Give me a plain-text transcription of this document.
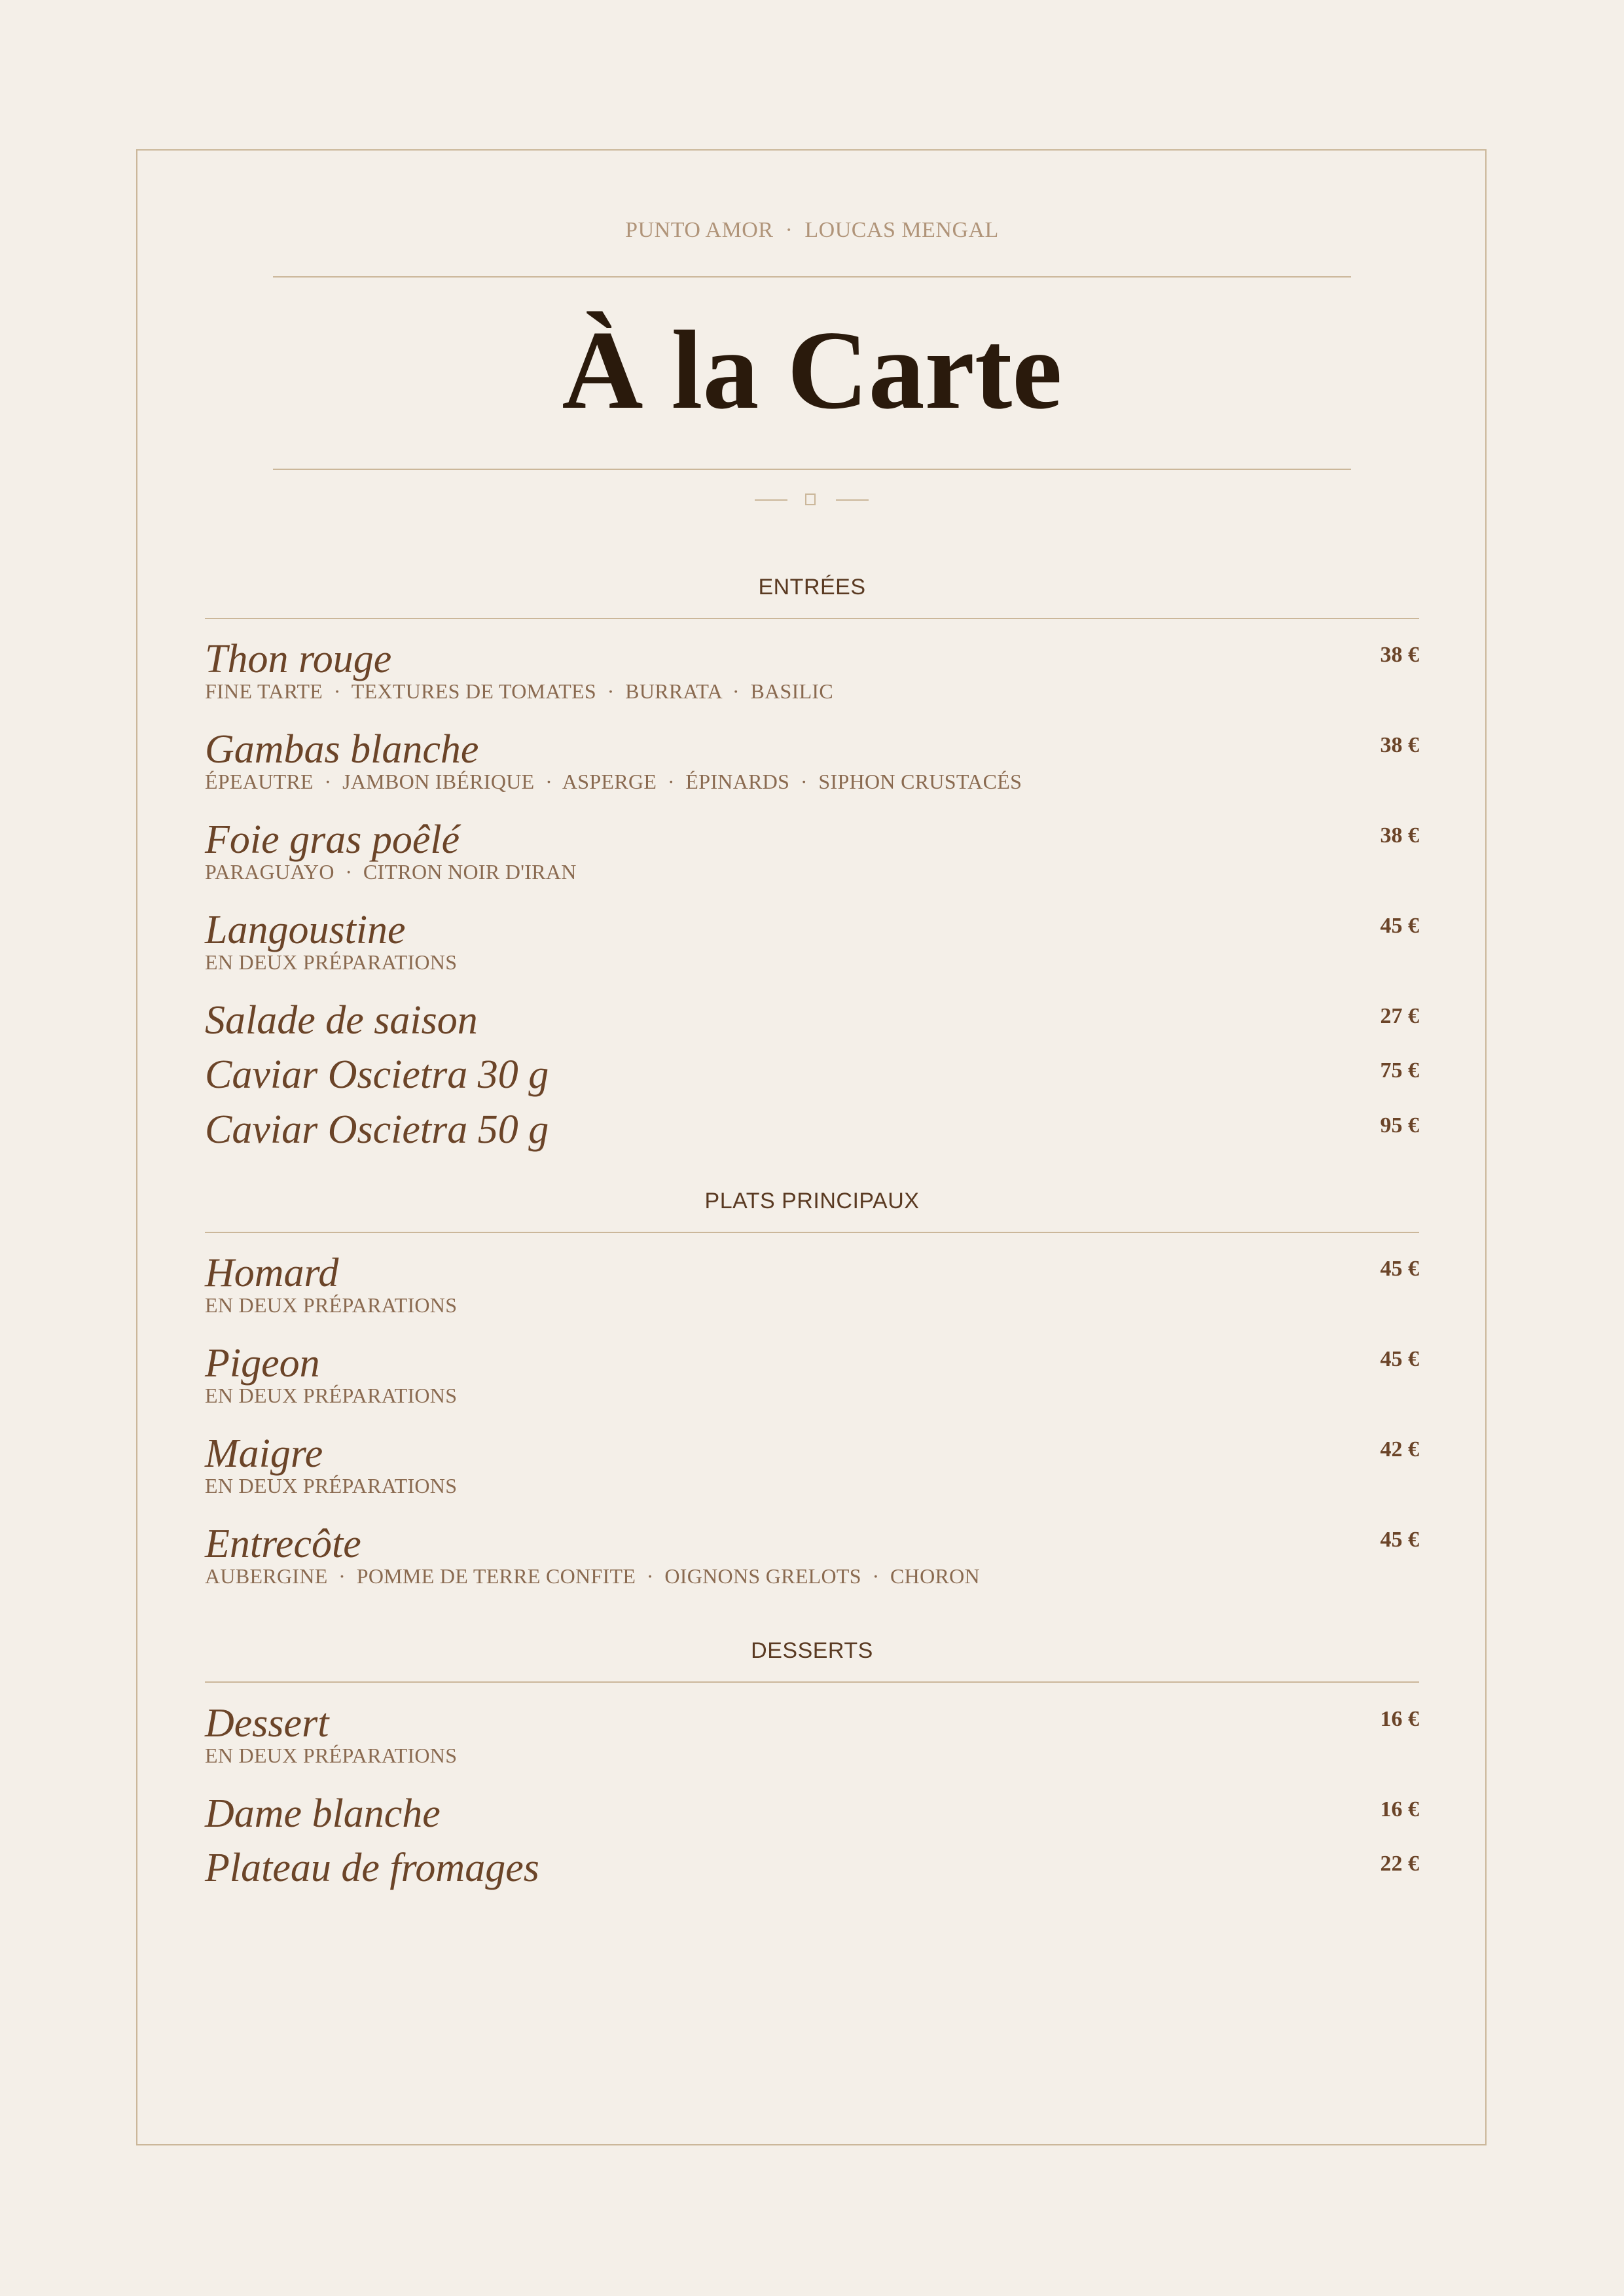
PUNTO AMOR · LOUCAS MENGAL
À la Carte
ENTRÉES
Thon rouge
FINE TARTE  ·  TEXTURES DE TOMATES  ·  BURRATA  ·  BASILIC
38 €
Gambas blanche
ÉPEAUTRE  ·  JAMBON IBÉRIQUE  ·  ASPERGE  ·  ÉPINARDS  ·  SIPHON CRUSTACÉS
38 €
Foie gras poêlé
PARAGUAYO  ·  CITRON NOIR D'IRAN
38 €
Langoustine
EN DEUX PRÉPARATIONS
45 €
Salade de saison	27 €
Caviar Oscietra 30 g	75 €
Caviar Oscietra 50 g	95 €
PLATS PRINCIPAUX
Homard
EN DEUX PRÉPARATIONS
45 €
Pigeon
EN DEUX PRÉPARATIONS
45 €
Maigre
EN DEUX PRÉPARATIONS
42 €
Entrecôte
AUBERGINE  ·  POMME DE TERRE CONFITE  ·  OIGNONS GRELOTS  ·  CHORON
45 €
DESSERTS
Dessert
EN DEUX PRÉPARATIONS
16 €
Dame blanche	16 €
Plateau de fromages	22 €
